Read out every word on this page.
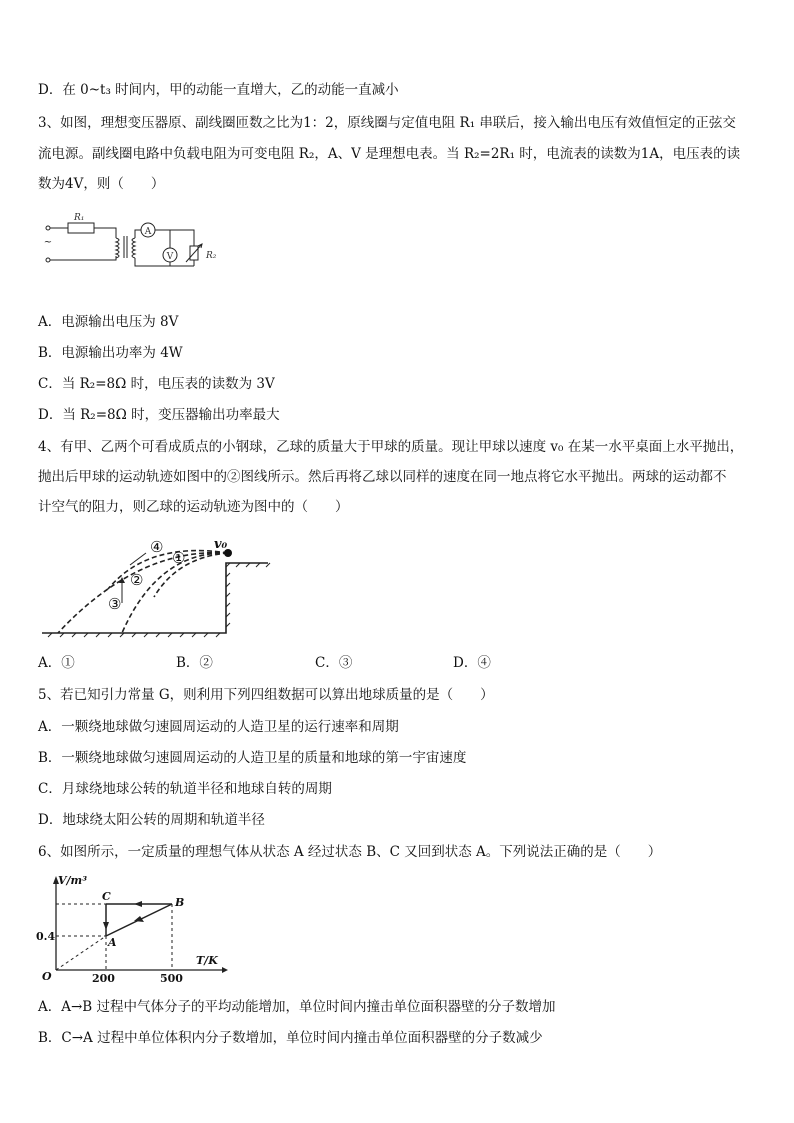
D．在 0~t₃ 时间内，甲的动能一直增大，乙的动能一直减小
3、如图，理想变压器原、副线圈匝数之比为1：2，原线圈与定值电阻 R₁ 串联后，接入输出电压有效值恒定的正弦交
流电源。副线圈电路中负载电阻为可变电阻 R₂，A、V 是理想电表。当 R₂=2R₁ 时，电流表的读数为1A，电压表的读
数为4V，则（　　）
~
R₁
A
V	R₂
A．电源输出电压为 8V
B．电源输出功率为 4W
C．当 R₂=8Ω 时，电压表的读数为 3V
D．当 R₂=8Ω 时，变压器输出功率最大
4、有甲、乙两个可看成质点的小钢球，乙球的质量大于甲球的质量。现让甲球以速度 v₀ 在某一水平桌面上水平抛出，
抛出后甲球的运动轨迹如图中的②图线所示。然后再将乙球以同样的速度在同一地点将它水平抛出。两球的运动都不
计空气的阻力，则乙球的运动轨迹为图中的（　　）
v₀
④
②
①
③
A．①	B．②	C．③	D．④
5、若已知引力常量 G，则利用下列四组数据可以算出地球质量的是（　　）
A．一颗绕地球做匀速圆周运动的人造卫星的运行速率和周期
B．一颗绕地球做匀速圆周运动的人造卫星的质量和地球的第一宇宙速度
C．月球绕地球公转的轨道半径和地球自转的周期
D．地球绕太阳公转的周期和轨道半径
6、如图所示，一定质量的理想气体从状态 A 经过状态 B、C 又回到状态 A。下列说法正确的是（　　）
V/m³
T/K
O
0.4
200	500
C	B
A
A．A→B 过程中气体分子的平均动能增加，单位时间内撞击单位面积器壁的分子数增加
B．C→A 过程中单位体积内分子数增加，单位时间内撞击单位面积器壁的分子数减少
